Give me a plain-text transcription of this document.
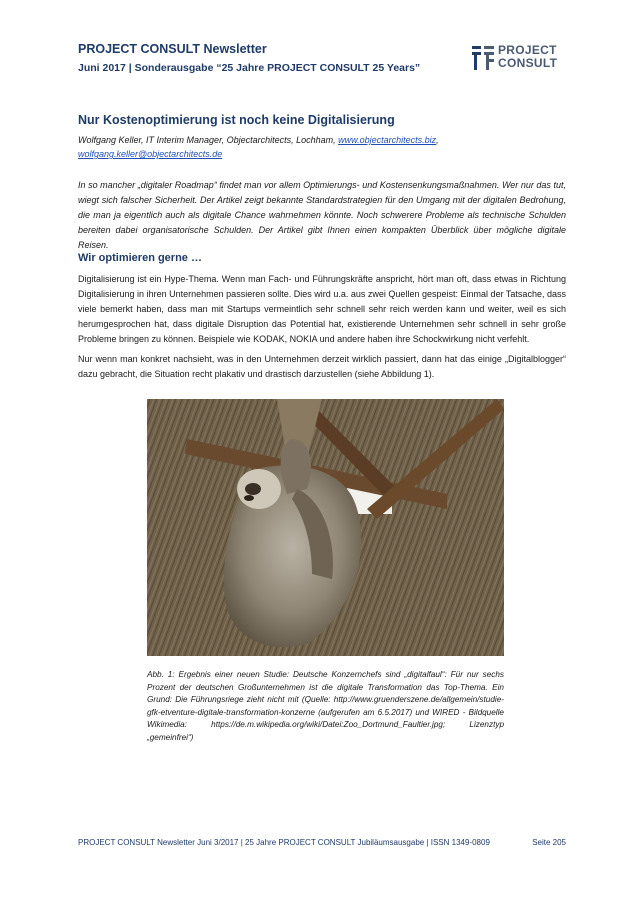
PROJECT CONSULT Newsletter
Juni 2017 | Sonderausgabe “25 Jahre PROJECT CONSULT 25 Years”
PROJECT
CONSULT
Nur Kostenoptimierung ist noch keine Digitalisierung
Wolfgang Keller, IT Interim Manager, Objectarchitects, Lochham, www.objectarchitects.biz,
wolfgang.keller@objectarchitects.de
In so mancher „digitaler Roadmap“ findet man vor allem Optimierungs- und Kostensenkungsmaßnahmen. Wer nur das tut, wiegt sich falscher Sicherheit. Der Artikel zeigt bekannte Standardstrategien für den Umgang mit der digitalen Bedrohung, die man ja eigentlich auch als digitale Chance wahrnehmen könnte. Noch schwerere Probleme als technische Schulden bereiten dabei organisatorische Schulden. Der Artikel gibt Ihnen einen kompakten Überblick über mögliche digitale Reisen.
Wir optimieren gerne …

Digitalisierung ist ein Hype-Thema. Wenn man Fach- und Führungskräfte anspricht, hört man oft, dass etwas in Richtung Digitalisierung in ihren Unternehmen passieren sollte. Dies wird u.a. aus zwei Quellen gespeist: Einmal der Tatsache, dass viele bemerkt haben, dass man mit Startups vermeintlich sehr schnell sehr reich werden kann und weiter, weil es sich herumgesprochen hat, dass digitale Disruption das Potential hat, existierende Unternehmen sehr schnell in sehr große Probleme bringen zu können. Beispiele wie KODAK, NOKIA und andere haben ihre Schockwirkung nicht verfehlt.

Nur wenn man konkret nachsieht, was in den Unternehmen derzeit wirklich passiert, dann hat das einige „Digitalblogger“ dazu gebracht, die Situation recht plakativ und drastisch darzustellen (siehe Abbildung 1).

Abb. 1: Ergebnis einer neuen Studie: Deutsche Konzernchefs sind „digitalfaul“: Für nur sechs Prozent der deutschen Großunternehmen ist die digitale Transformation das Top-Thema. Ein Grund: Die Führungsriege zieht nicht mit (Quelle: http://www.gruenderszene.de/allgemein/studie-gfk-etventure-digitale-transformation-konzerne (aufgerufen am 6.5.2017) und WIRED - Bildquelle Wikimedia: https://de.m.wikipedia.org/wiki/Datei:Zoo_Dortmund_Faultier.jpg; Lizenztyp „gemeinfrei“)
PROJECT CONSULT Newsletter Juni 3/2017 | 25 Jahre PROJECT CONSULT Jubiläumsausgabe | ISSN 1349-0809	Seite 205
